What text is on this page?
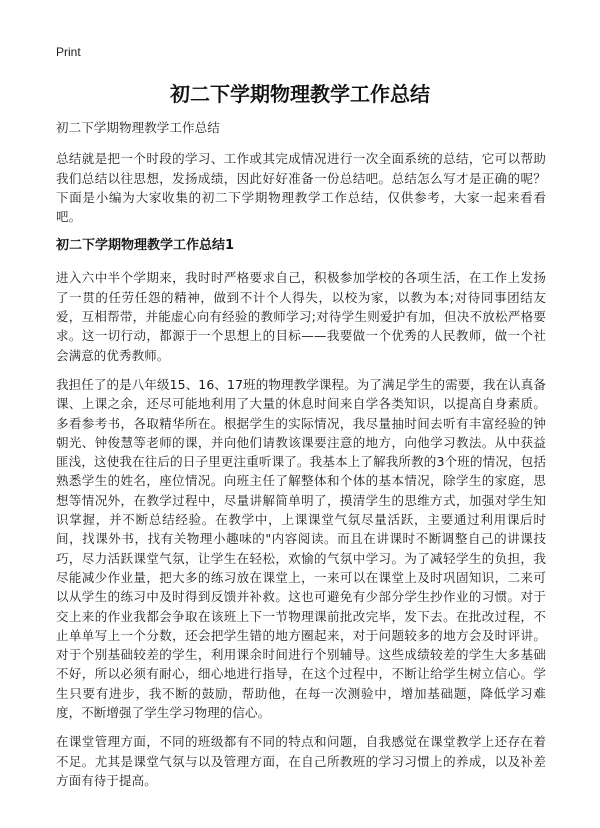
Print
初二下学期物理教学工作总结

初二下学期物理教学工作总结

总结就是把一个时段的学习、工作或其完成情况进行一次全面系统的总结，它可以帮助我们总结以往思想，发扬成绩，因此好好准备一份总结吧。总结怎么写才是正确的呢？下面是小编为大家收集的初二下学期物理教学工作总结，仅供参考，大家一起来看看吧。

初二下学期物理教学工作总结1

进入六中半个学期来，我时时严格要求自己，积极参加学校的各项生活，在工作上发扬了一贯的任劳任怨的精神，做到不计个人得失，以校为家，以教为本;对待同事团结友爱，互相帮带，并能虚心向有经验的教师学习;对待学生则爱护有加，但决不放松严格要求。这一切行动，都源于一个思想上的目标——我要做一个优秀的人民教师，做一个社会满意的优秀教师。

我担任了的是八年级15、16、17班的物理教学课程。为了满足学生的需要，我在认真备课、上课之余，还尽可能地利用了大量的休息时间来自学各类知识，以提高自身素质。多看参考书，各取精华所在。根据学生的实际情况，我尽量抽时间去听有丰富经验的钟朝光、钟俊慧等老师的课，并向他们请教该课要注意的地方，向他学习教法。从中获益匪浅，这使我在往后的日子里更注重听课了。我基本上了解我所教的3个班的情况，包括熟悉学生的姓名，座位情况。向班主任了解整体和个体的基本情况，除学生的家庭，思想等情况外，在教学过程中，尽量讲解简单明了，摸清学生的思维方式，加强对学生知识掌握，并不断总结经验。在教学中，上课课堂气氛尽量活跃，主要通过利用课后时间，找课外书，找有关物理小趣味的"内容阅读。而且在讲课时不断调整自己的讲课技巧，尽力活跃课堂气氛，让学生在轻松，欢愉的气氛中学习。为了减轻学生的负担，我尽能减少作业量，把大多的练习放在课堂上，一来可以在课堂上及时巩固知识，二来可以从学生的练习中及时得到反馈并补救。这也可避免有少部分学生抄作业的习惯。对于交上来的作业我都会争取在该班上下一节物理课前批改完毕，发下去。在批改过程，不止单单写上一个分数，还会把学生错的地方圈起来，对于问题较多的地方会及时评讲。对于个别基础较差的学生，利用课余时间进行个别辅导。这些成绩较差的学生大多基础不好，所以必须有耐心，细心地进行指导，在这个过程中，不断让给学生树立信心。学生只要有进步，我不断的鼓励，帮助他，在每一次测验中，增加基础题，降低学习难度，不断增强了学生学习物理的信心。

在课堂管理方面，不同的班级都有不同的特点和问题，自我感觉在课堂教学上还存在着不足。尤其是课堂气氛与以及管理方面，在自己所教班的学习习惯上的养成，以及补差方面有待于提高。
